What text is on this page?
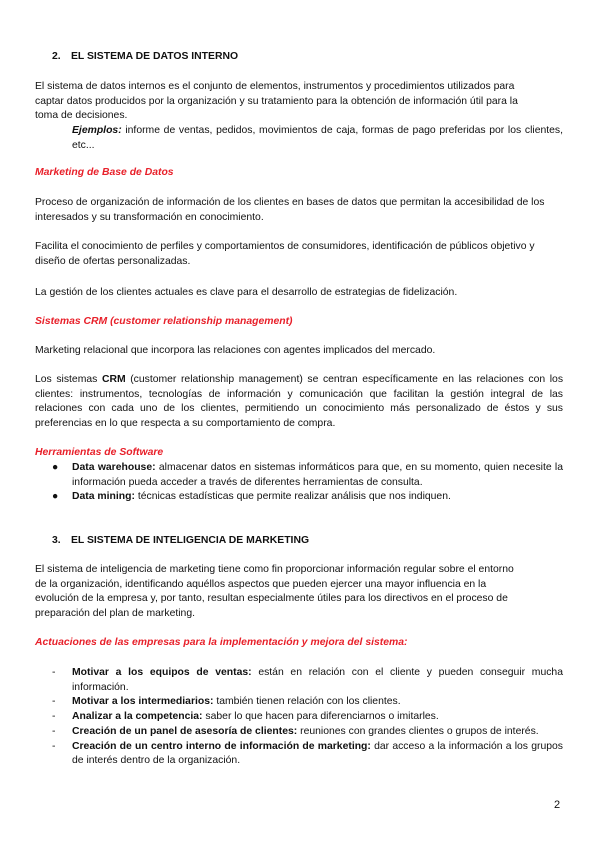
2. EL SISTEMA DE DATOS INTERNO

El sistema de datos internos es el conjunto de elementos, instrumentos y procedimientos utilizados para captar datos producidos por la organización y su tratamiento para la obtención de información útil para la toma de decisiones.

Ejemplos: informe de ventas, pedidos, movimientos de caja, formas de pago preferidas por los clientes, etc...

Marketing de Base de Datos

Proceso de organización de información de los clientes en bases de datos que permitan la accesibilidad de los interesados y su transformación en conocimiento.

Facilita el conocimiento de perfiles y comportamientos de consumidores, identificación de públicos objetivo y diseño de ofertas personalizadas.

La gestión de los clientes actuales es clave para el desarrollo de estrategias de fidelización.

Sistemas CRM (customer relationship management)

Marketing relacional que incorpora las relaciones con agentes implicados del mercado.

Los sistemas CRM (customer relationship management) se centran específicamente en las relaciones con los clientes: instrumentos, tecnologías de información y comunicación que facilitan la gestión integral de las relaciones con cada uno de los clientes, permitiendo un conocimiento más personalizado de éstos y sus preferencias en lo que respecta a su comportamiento de compra.

Herramientas de Software

● Data warehouse: almacenar datos en sistemas informáticos para que, en su momento, quien necesite la información pueda acceder a través de diferentes herramientas de consulta.
● Data mining: técnicas estadísticas que permite realizar análisis que nos indiquen.
3. EL SISTEMA DE INTELIGENCIA DE MARKETING

El sistema de inteligencia de marketing tiene como fin proporcionar información regular sobre el entorno de la organización, identificando aquéllos aspectos que pueden ejercer una mayor influencia en la evolución de la empresa y, por tanto, resultan especialmente útiles para los directivos en el proceso de preparación del plan de marketing.

Actuaciones de las empresas para la implementación y mejora del sistema:

- Motivar a los equipos de ventas: están en relación con el cliente y pueden conseguir mucha información.
- Motivar a los intermediarios: también tienen relación con los clientes.
- Analizar a la competencia: saber lo que hacen para diferenciarnos o imitarles.
- Creación de un panel de asesoría de clientes: reuniones con grandes clientes o grupos de interés.
- Creación de un centro interno de información de marketing: dar acceso a la información a los grupos de interés dentro de la organización.
2
